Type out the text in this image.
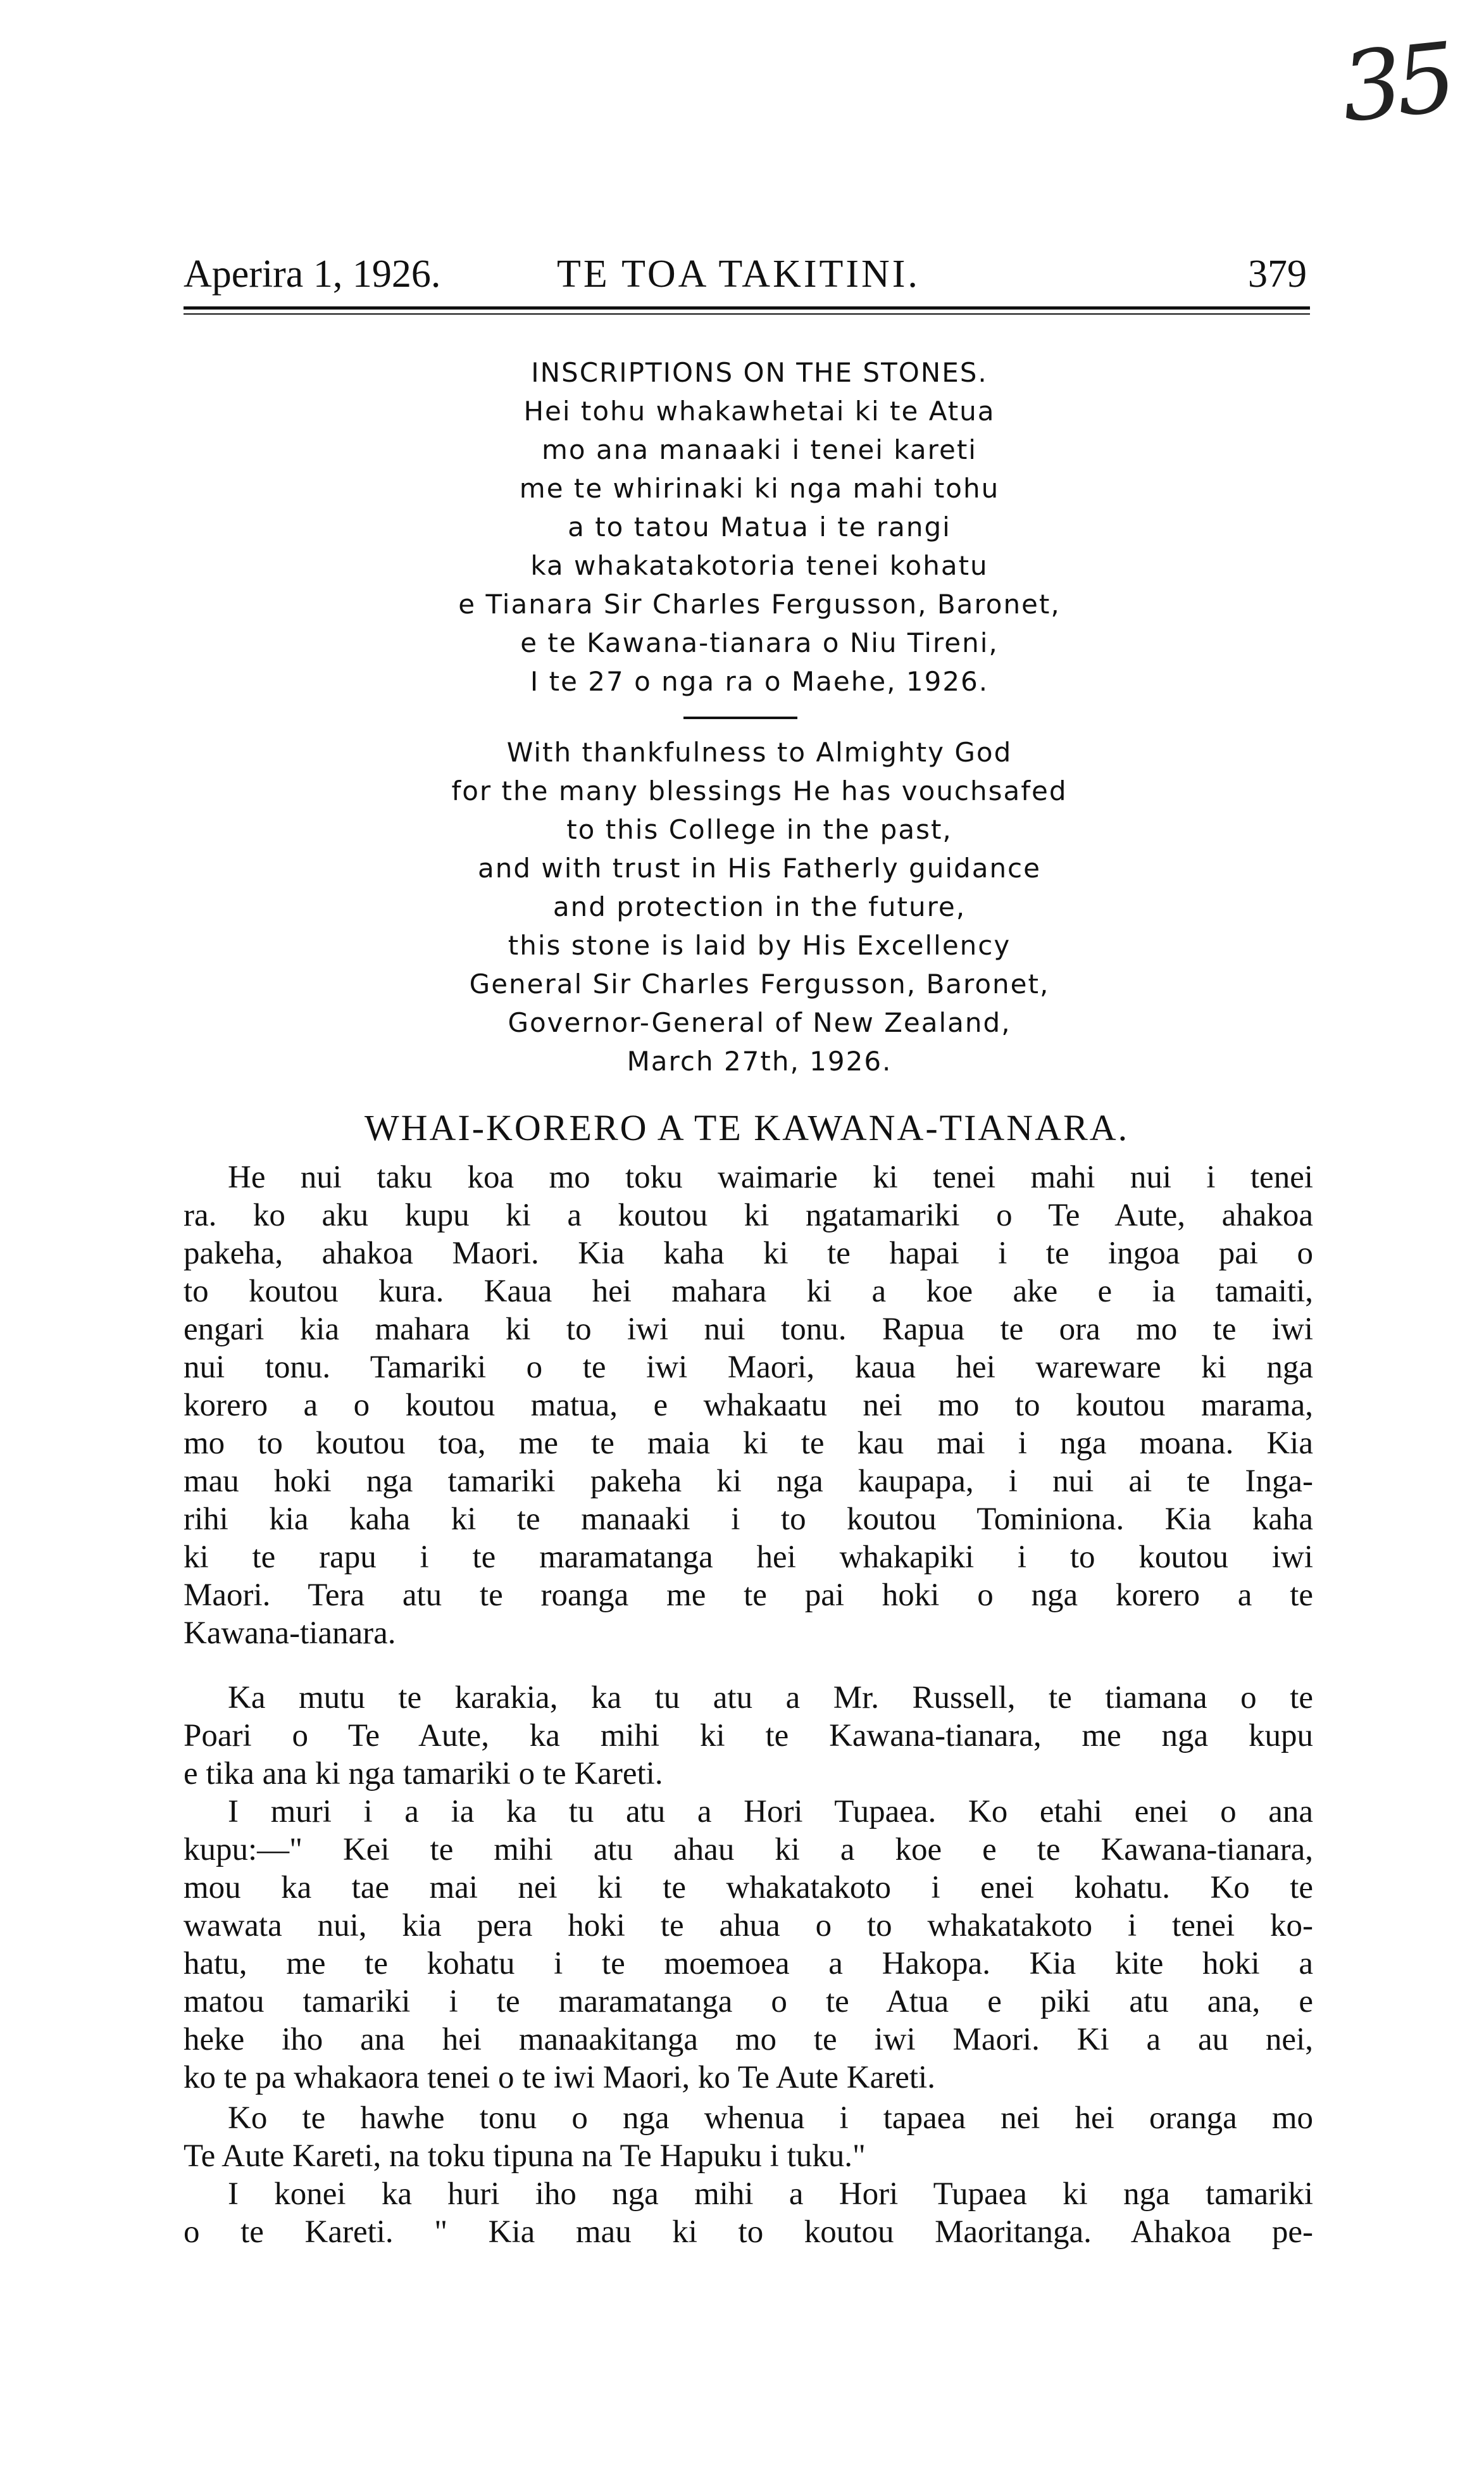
35
Aperira 1, 1926.	TE TOA TAKITINI.	379
INSCRIPTIONS ON THE STONES.
Hei tohu whakawhetai ki te Atua
mo ana manaaki i tenei kareti
me te whirinaki ki nga mahi tohu
a to tatou Matua i te rangi
ka whakatakotoria tenei kohatu
e Tianara Sir Charles Fergusson, Baronet,
e te Kawana-tianara o Niu Tireni,
I te 27 o nga ra o Maehe, 1926.
With thankfulness to Almighty God
for the many blessings He has vouchsafed
to this College in the past,
and with trust in His Fatherly guidance
and protection in the future,
this stone is laid by His Excellency
General Sir Charles Fergusson, Baronet,
Governor-General of New Zealand,
March 27th, 1926.
WHAI-KORERO A TE KAWANA-TIANARA.
He nui taku koa mo toku waimarie ki tenei mahi nui i tenei
ra. ko aku kupu ki a koutou ki ngatamariki o Te Aute, ahakoa
pakeha, ahakoa Maori. Kia kaha ki te hapai i te ingoa pai o
to koutou kura. Kaua hei mahara ki a koe ake e ia tamaiti,
engari kia mahara ki to iwi nui tonu. Rapua te ora mo te iwi
nui tonu. Tamariki o te iwi Maori, kaua hei wareware ki nga
korero a o koutou matua, e whakaatu nei mo to koutou marama,
mo to koutou toa, me te maia ki te kau mai i nga moana. Kia
mau hoki nga tamariki pakeha ki nga kaupapa, i nui ai te Inga-
rihi kia kaha ki te manaaki i to koutou Tominiona. Kia kaha
ki te rapu i te maramatanga hei whakapiki i to koutou iwi
Maori. Tera atu te roanga me te pai hoki o nga korero a te
Kawana-tianara.
Ka mutu te karakia, ka tu atu a Mr. Russell, te tiamana o te
Poari o Te Aute, ka mihi ki te Kawana-tianara, me nga kupu
e tika ana ki nga tamariki o te Kareti.
I muri i a ia ka tu atu a Hori Tupaea. Ko etahi enei o ana
kupu:—" Kei te mihi atu ahau ki a koe e te Kawana-tianara,
mou ka tae mai nei ki te whakatakoto i enei kohatu. Ko te
wawata nui, kia pera hoki te ahua o to whakatakoto i tenei ko-
hatu, me te kohatu i te moemoea a Hakopa. Kia kite hoki a
matou tamariki i te maramatanga o te Atua e piki atu ana, e
heke iho ana hei manaakitanga mo te iwi Maori. Ki a au nei,
ko te pa whakaora tenei o te iwi Maori, ko Te Aute Kareti.
Ko te hawhe tonu o nga whenua i tapaea nei hei oranga mo
Te Aute Kareti, na toku tipuna na Te Hapuku i tuku."
I konei ka huri iho nga mihi a Hori Tupaea ki nga tamariki
o te Kareti. " Kia mau ki to koutou Maoritanga. Ahakoa pe-
